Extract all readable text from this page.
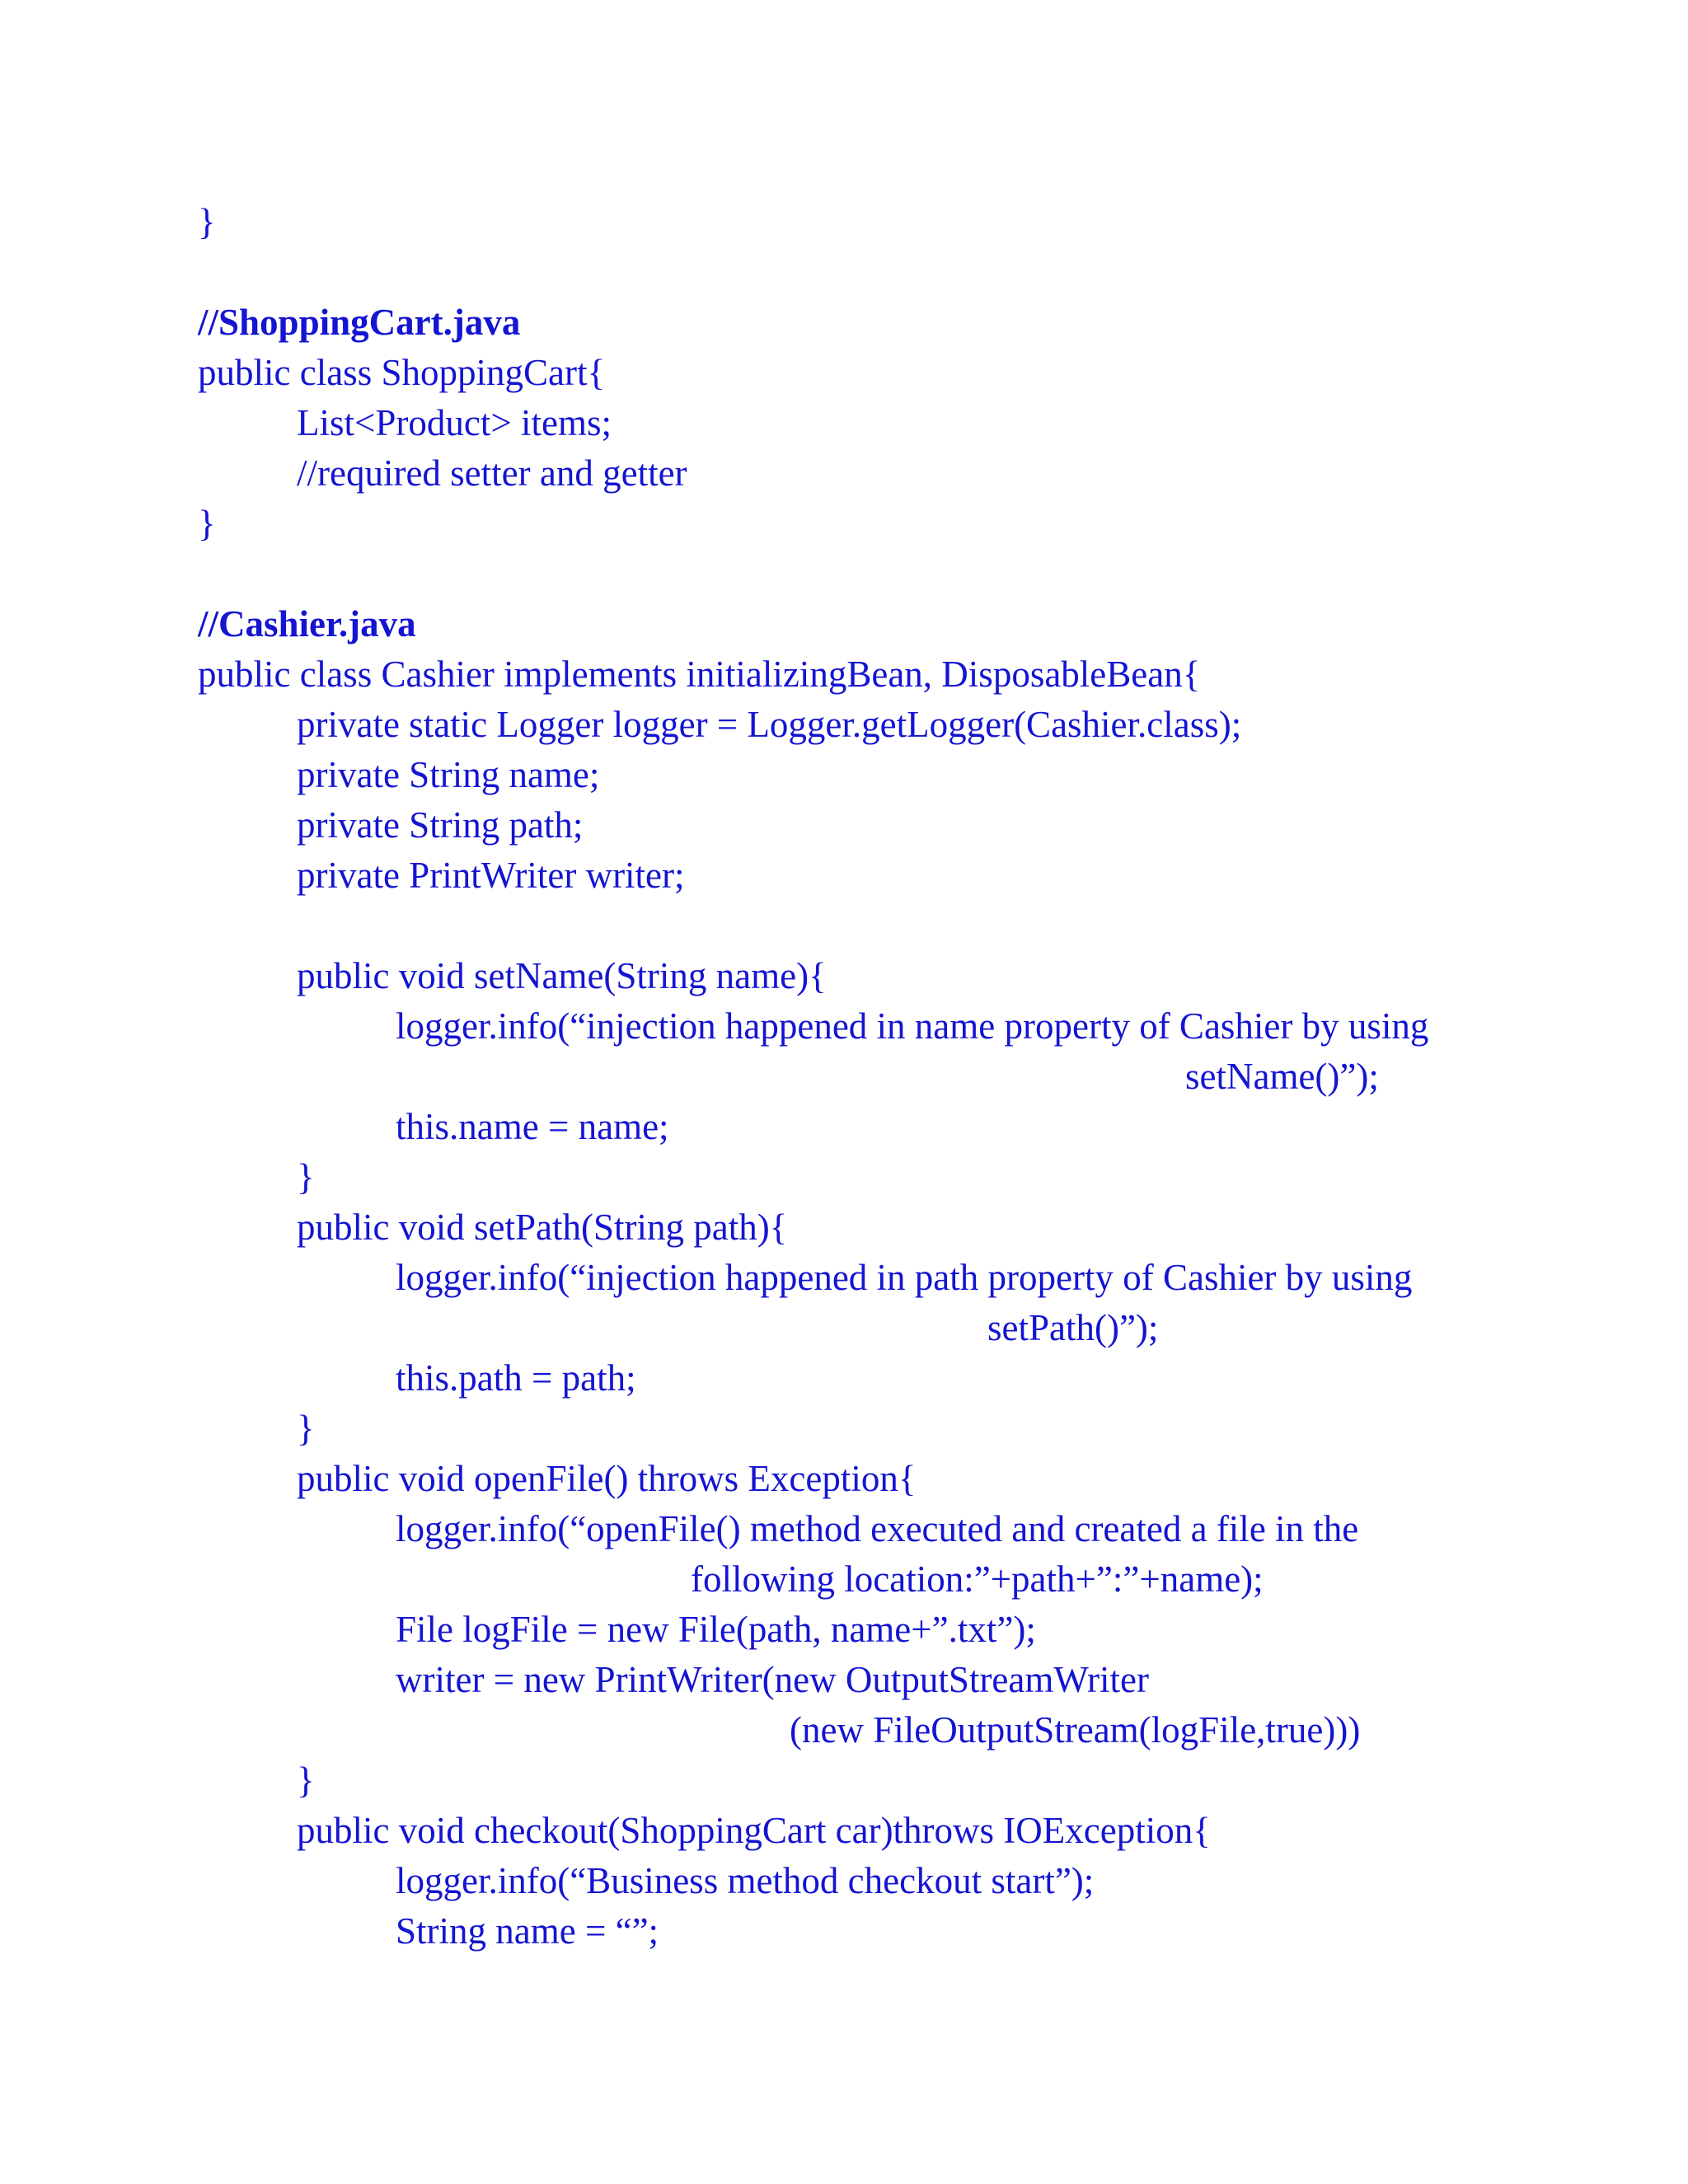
}
//ShoppingCart.java
public class ShoppingCart{
List<Product> items;
//required setter and getter
}
//Cashier.java
public class Cashier implements initializingBean, DisposableBean{
private static Logger logger = Logger.getLogger(Cashier.class);
private String name;
private String path;
private PrintWriter writer;
public void setName(String name){
logger.info(“injection happened in name property of Cashier by using
setName()”);
this.name = name;
}
public void setPath(String path){
logger.info(“injection happened in path property of Cashier by using
setPath()”);
this.path = path;
}
public void openFile() throws Exception{
logger.info(“openFile() method executed and created a file in the
following location:”+path+”:”+name);
File logFile = new File(path, name+”.txt”);
writer = new PrintWriter(new OutputStreamWriter
(new FileOutputStream(logFile,true)))
}
public void checkout(ShoppingCart car)throws IOException{
logger.info(“Business method checkout start”);
String name = “”;
